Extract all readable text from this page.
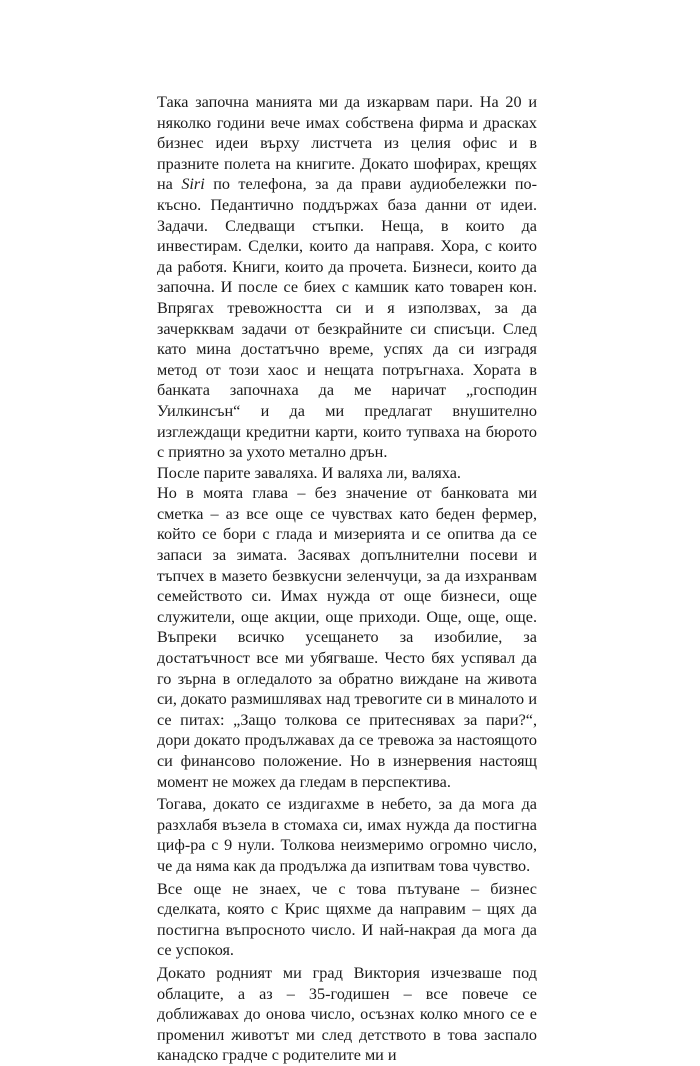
Така започна манията ми да изкарвам пари. На 20 и няколко години вече имах собствена фирма и драсках бизнес идеи върху листчета из целия офис и в празните полета на книгите. Докато шофирах, крещях на Siri по телефона, за да прави аудиобележки по-късно. Педантично поддържах база данни от идеи. Задачи. Следващи стъпки. Неща, в които да инвестирам. Сделки, които да направя. Хора, с които да работя. Книги, които да прочета. Бизнеси, които да започна. И после се биех с камшик като товарен кон. Впрягах тревожността си и я използвах, за да зачеркквам задачи от безкрайните си списъци. След като мина достатъчно време, успях да си изградя метод от този хаос и нещата потръгнаха. Хората в банката започнаха да ме наричат „господин Уилкинсън“ и да ми предлагат внушително изглеждащи кредитни карти, които тупваха на бюрото с приятно за ухото метално дрън.

После парите заваляха. И валяха ли, валяха.

Но в моята глава – без значение от банковата ми сметка – аз все още се чувствах като беден фермер, който се бори с глада и мизерията и се опитва да се запаси за зимата. Засявах допълнителни посеви и тъпчех в мазето безвкусни зеленчуци, за да изхранвам семейството си. Имах нужда от още бизнеси, още служители, още акции, още приходи. Още, още, още. Въпреки всичко усещането за изобилие, за достатъчност все ми убягваше. Често бях успявал да го зърна в огледалото за обратно виждане на живота си, докато размишлявах над тревогите си в миналото и се питах: „Защо толкова се притеснявах за пари?“, дори докато продължавах да се тревожа за настоящото си финансово положение. Но в изнервения настоящ момент не можех да гледам в перспектива.

Тогава, докато се издигахме в небето, за да мога да разхлабя възела в стомаха си, имах нужда да постигна циф-ра с 9 нули. Толкова неизмеримо огромно число, че да няма как да продължа да изпитвам това чувство.

Все още не знаех, че с това пътуване – бизнес сделката, която с Крис щяхме да направим – щях да постигна въпросното число. И най-накрая да мога да се успокоя.

Докато родният ми град Виктория изчезваше под облаците, а аз – 35-годишен – все повече се доближавах до онова число, осъзнах колко много се е променил животът ми след детството в това заспало канадско градче с родителите ми и
